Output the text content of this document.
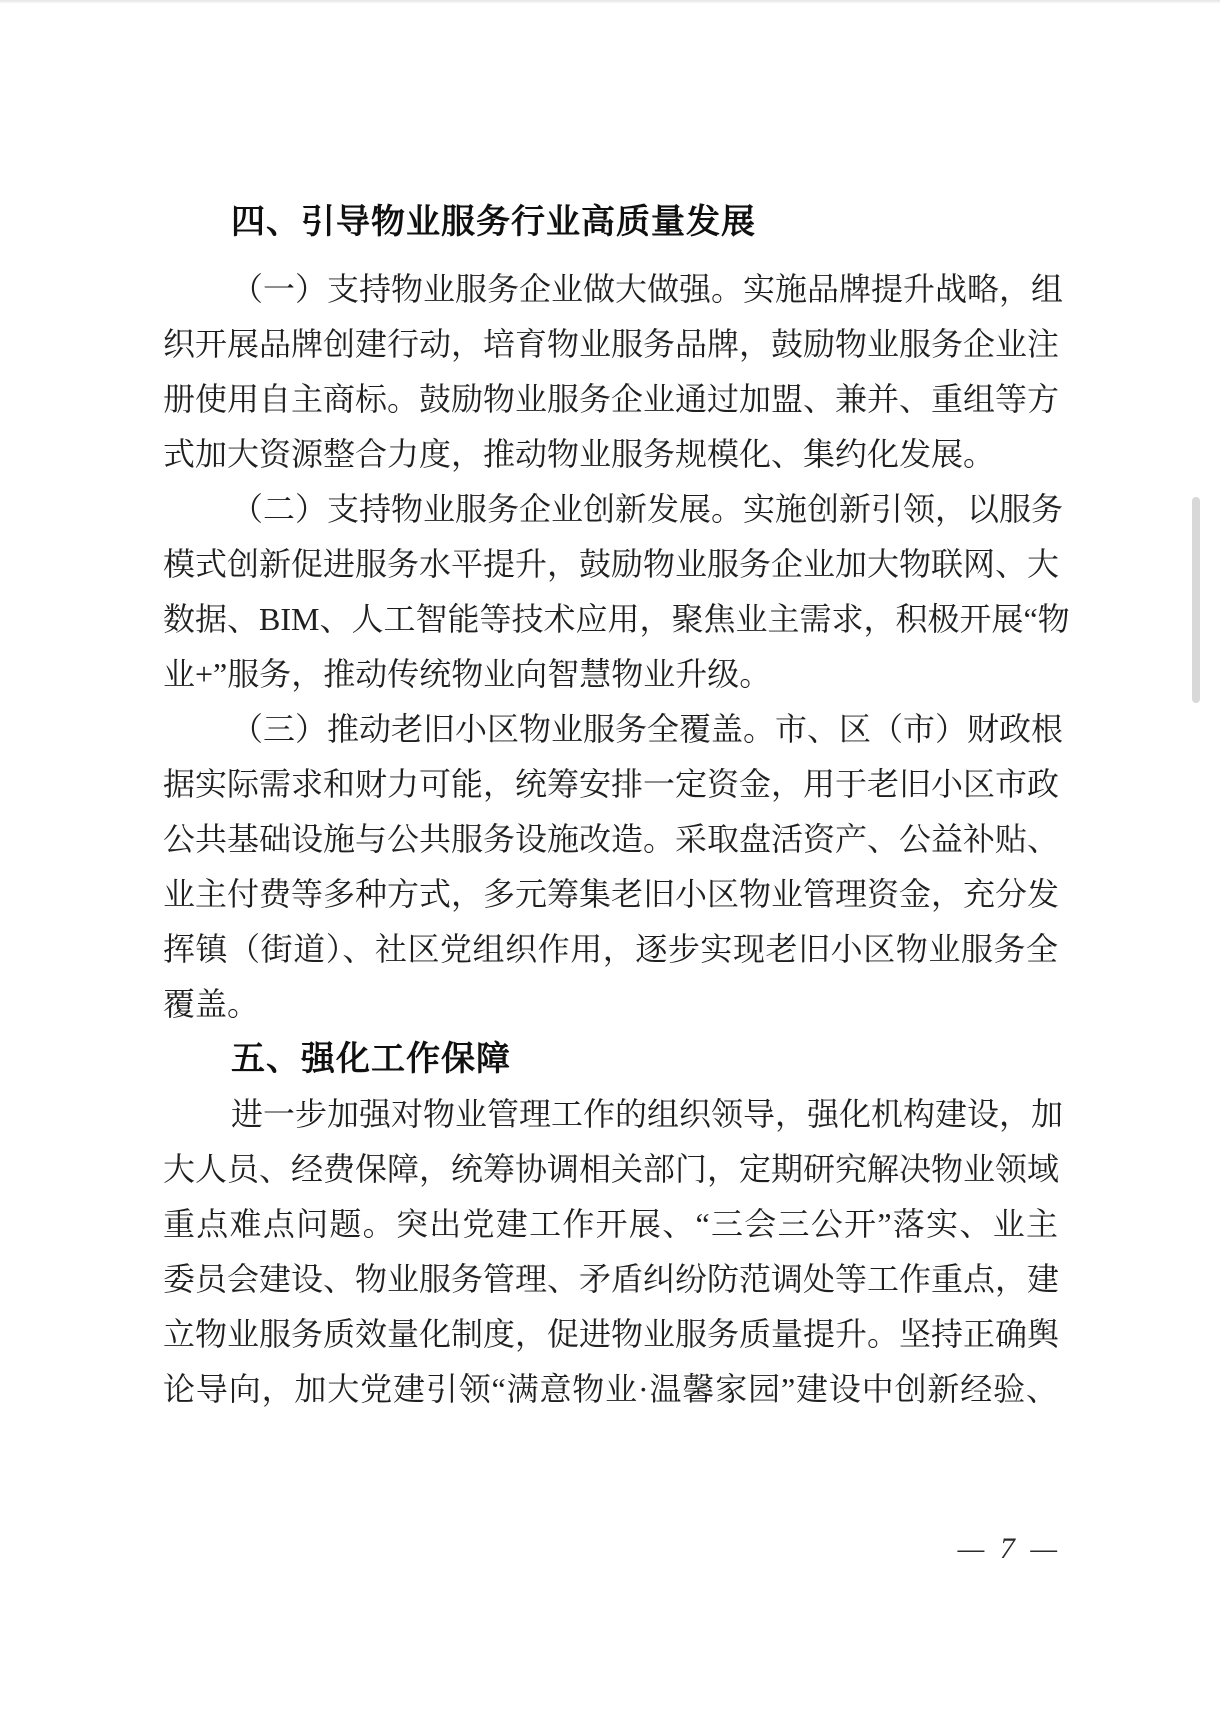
四、引导物业服务行业高质量发展

（一）支持物业服务企业做大做强。实施品牌提升战略，组

织开展品牌创建行动，培育物业服务品牌，鼓励物业服务企业注

册使用自主商标。鼓励物业服务企业通过加盟、兼并、重组等方

式加大资源整合力度，推动物业服务规模化、集约化发展。

（二）支持物业服务企业创新发展。实施创新引领，以服务

模式创新促进服务水平提升，鼓励物业服务企业加大物联网、大

数据、BIM、人工智能等技术应用，聚焦业主需求，积极开展“物

业+”服务，推动传统物业向智慧物业升级。

（三）推动老旧小区物业服务全覆盖。市、区（市）财政根

据实际需求和财力可能，统筹安排一定资金，用于老旧小区市政

公共基础设施与公共服务设施改造。采取盘活资产、公益补贴、

业主付费等多种方式，多元筹集老旧小区物业管理资金，充分发

挥镇（街道）、社区党组织作用，逐步实现老旧小区物业服务全

覆盖。

五、强化工作保障

进一步加强对物业管理工作的组织领导，强化机构建设，加

大人员、经费保障，统筹协调相关部门，定期研究解决物业领域

重点难点问题。突出党建工作开展、“三会三公开”落实、业主

委员会建设、物业服务管理、矛盾纠纷防范调处等工作重点，建

立物业服务质效量化制度，促进物业服务质量提升。坚持正确舆

论导向，加大党建引领“满意物业·温馨家园”建设中创新经验、

— 7 —
